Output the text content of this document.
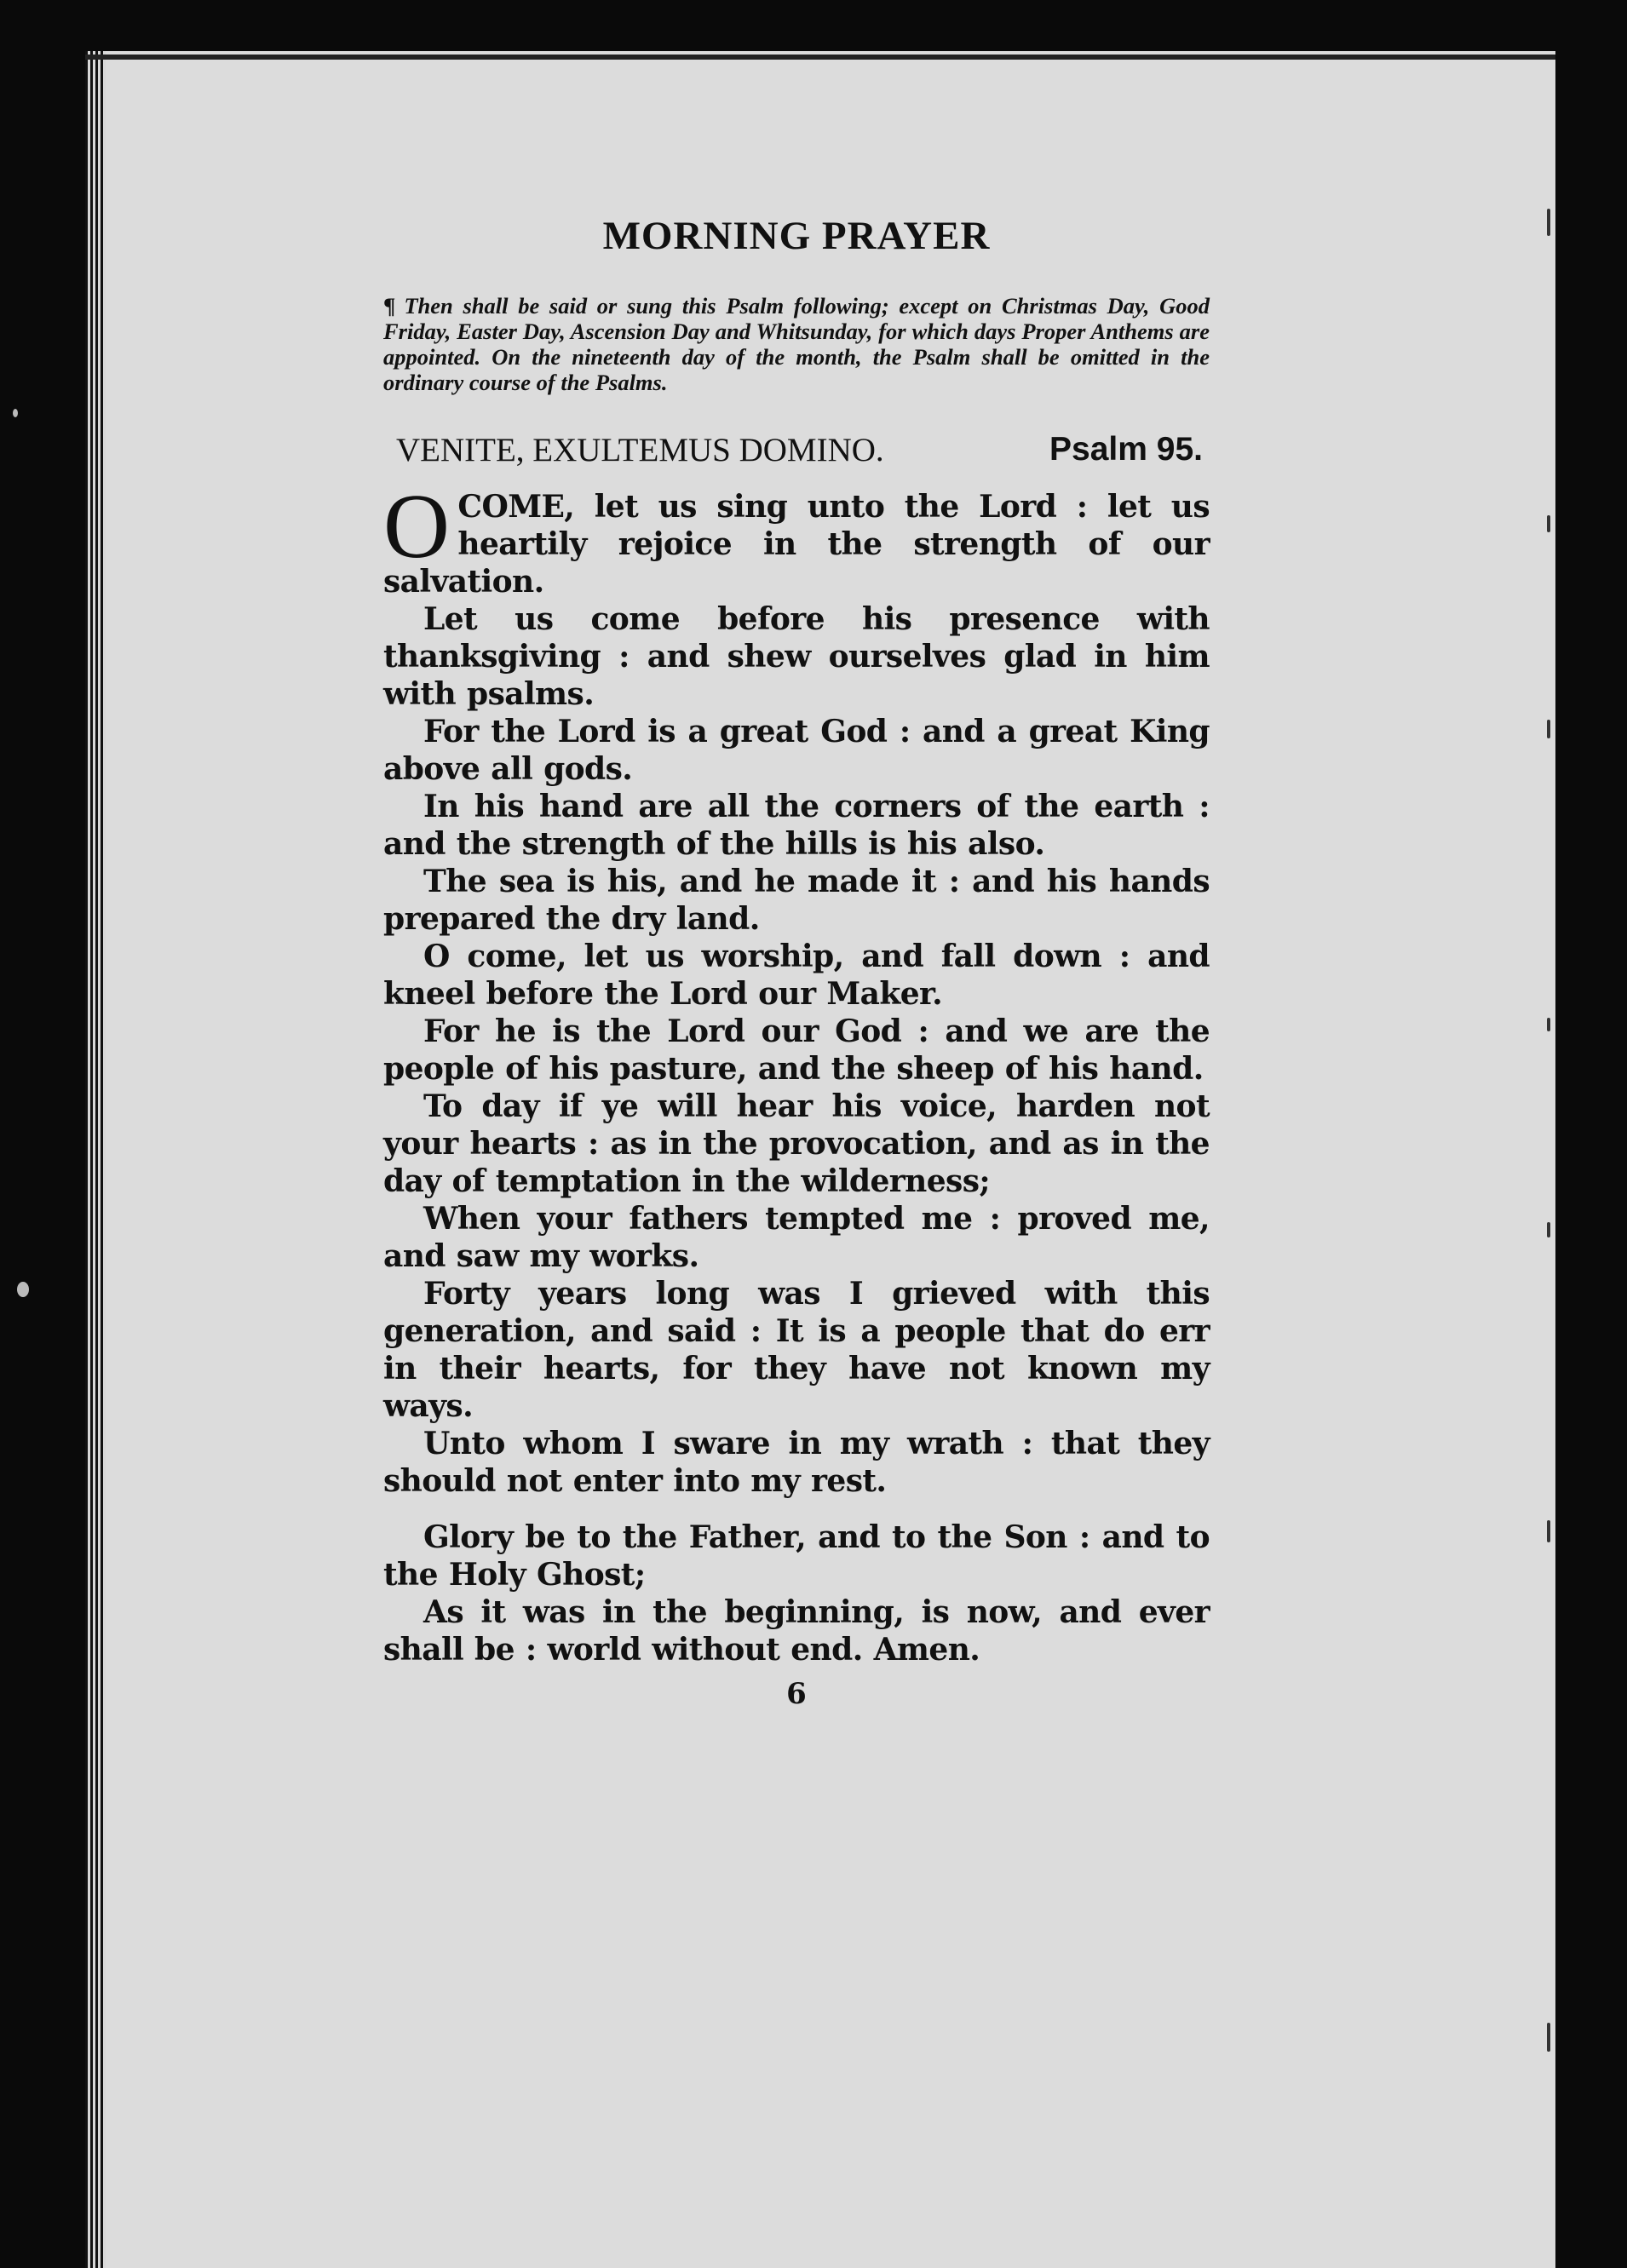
MORNING PRAYER

¶ Then shall be said or sung this Psalm following; except on Christmas Day, Good Friday, Easter Day, Ascension Day and Whitsunday, for which days Proper Anthems are appointed. On the nineteenth day of the month, the Psalm shall be omitted in the ordinary course of the Psalms.

VENITE, EXULTEMUS DOMINO.	Psalm 95.

OCOME, let us sing unto the Lord : let us heartily rejoice in the strength of our salvation.

Let us come before his presence with thanksgiving : and shew ourselves glad in him with psalms.

For the Lord is a great God : and a great King above all gods.

In his hand are all the corners of the earth : and the strength of the hills is his also.

The sea is his, and he made it : and his hands prepared the dry land.

O come, let us worship, and fall down : and kneel before the Lord our Maker.

For he is the Lord our God : and we are the people of his pasture, and the sheep of his hand.

To day if ye will hear his voice, harden not your hearts : as in the provocation, and as in the day of temptation in the wilderness;

When your fathers tempted me : proved me, and saw my works.

Forty years long was I grieved with this generation, and said : It is a people that do err in their hearts, for they have not known my ways.

Unto whom I sware in my wrath : that they should not enter into my rest.

Glory be to the Father, and to the Son : and to the Holy Ghost;

As it was in the beginning, is now, and ever shall be : world without end. Amen.

6
